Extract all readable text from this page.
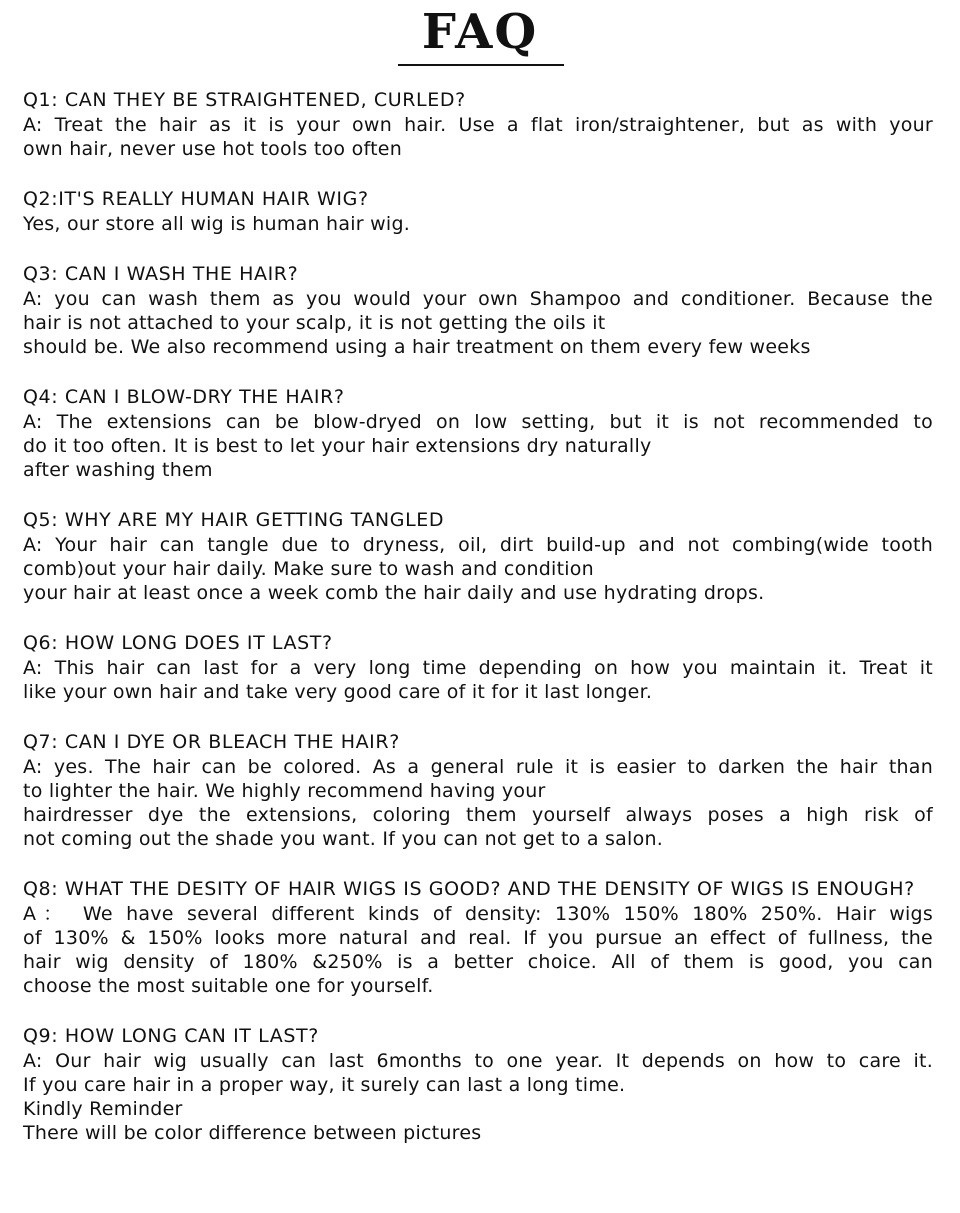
FAQ
Q1: CAN THEY BE STRAIGHTENED, CURLED?
A: Treat the hair as it is your own hair. Use a flat iron/straightener, but as with your
own hair, never use hot tools too often
Q2:IT'S REALLY HUMAN HAIR WIG?
Yes, our store all wig is human hair wig.
Q3: CAN I WASH THE HAIR?
A: you can wash them as you would your own Shampoo and conditioner. Because the
hair is not attached to your scalp, it is not getting the oils it
should be. We also recommend using a hair treatment on them every few weeks
Q4: CAN I BLOW-DRY THE HAIR?
A: The extensions can be blow-dryed on low setting, but it is not recommended to
do it too often. It is best to let your hair extensions dry naturally
after washing them
Q5: WHY ARE MY HAIR GETTING TANGLED
A: Your hair can tangle due to dryness, oil, dirt build-up and not combing(wide tooth
comb)out your hair daily. Make sure to wash and condition
your hair at least once a week comb the hair daily and use hydrating drops.
Q6: HOW LONG DOES IT LAST?
A: This hair can last for a very long time depending on how you maintain it. Treat it
like your own hair and take very good care of it for it last longer.
Q7: CAN I DYE OR BLEACH THE HAIR?
A: yes. The hair can be colored. As a general rule it is easier to darken the hair than
to lighter the hair. We highly recommend having your
hairdresser dye the extensions, coloring them yourself always poses a high risk of
not coming out the shade you want. If you can not get to a salon.
Q8: WHAT THE DESITY OF HAIR WIGS IS GOOD? AND THE DENSITY OF WIGS IS ENOUGH?
A： We have several different kinds of density: 130% 150% 180% 250%. Hair wigs
of 130% & 150% looks more natural and real. If you pursue an effect of fullness, the
hair wig density of 180% &250% is a better choice. All of them is good, you can
choose the most suitable one for yourself.
Q9: HOW LONG CAN IT LAST?
A: Our hair wig usually can last 6months to one year. It depends on how to care it.
If you care hair in a proper way, it surely can last a long time.
Kindly Reminder
There will be color difference between pictures
